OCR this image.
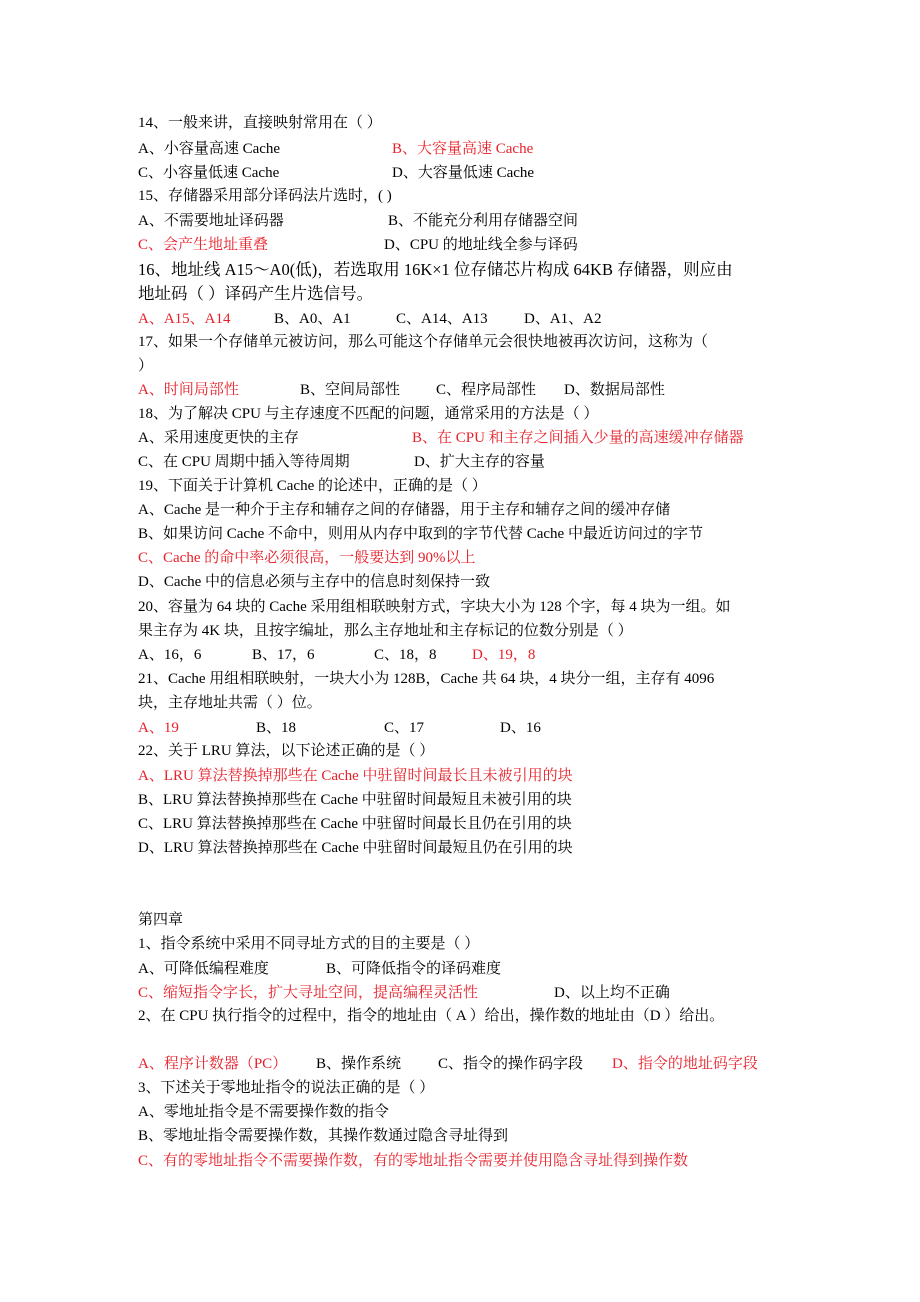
14、一般来讲，直接映射常用在（ ）
A、小容量高速 Cache	B、大容量高速 Cache
C、小容量低速 Cache	D、大容量低速 Cache
15、存储器采用部分译码法片选时，( )
A、不需要地址译码器	B、不能充分利用存储器空间
C、会产生地址重叠	D、CPU 的地址线全参与译码
16、地址线 A15～A0(低)，若选取用 16K×1 位存储芯片构成 64KB 存储器，则应由
地址码（ ）译码产生片选信号。
A、A15、A14	B、A0、A1	C、A14、A13 D、A1、A2
17、如果一个存储单元被访问，那么可能这个存储单元会很快地被再次访问，这称为（
）
A、时间局部性	B、空间局部性 C、程序局部性 D、数据局部性
18、为了解决 CPU 与主存速度不匹配的问题，通常采用的方法是（ ）
A、采用速度更快的主存	B、在 CPU 和主存之间插入少量的高速缓冲存储器
C、在 CPU 周期中插入等待周期	D、扩大主存的容量
19、下面关于计算机 Cache 的论述中，正确的是（ ）
A、Cache 是一种介于主存和辅存之间的存储器，用于主存和辅存之间的缓冲存储
B、如果访问 Cache 不命中，则用从内存中取到的字节代替 Cache 中最近访问过的字节
C、Cache 的命中率必须很高，一般要达到 90%以上
D、Cache 中的信息必须与主存中的信息时刻保持一致
20、容量为 64 块的 Cache 采用组相联映射方式，字块大小为 128 个字，每 4 块为一组。如
果主存为 4K 块，且按字编址，那么主存地址和主存标记的位数分别是（ ）
A、16，6	B、17，6	C、18，8 D、19，8
21、Cache 用组相联映射，一块大小为 128B，Cache 共 64 块，4 块分一组，主存有 4096
块，主存地址共需（ ）位。
A、19	B、18	C、17	D、16
22、关于 LRU 算法，以下论述正确的是（ ）
A、LRU 算法替换掉那些在 Cache 中驻留时间最长且未被引用的块
B、LRU 算法替换掉那些在 Cache 中驻留时间最短且未被引用的块
C、LRU 算法替换掉那些在 Cache 中驻留时间最长且仍在引用的块
D、LRU 算法替换掉那些在 Cache 中驻留时间最短且仍在引用的块
第四章
1、指令系统中采用不同寻址方式的目的主要是（ ）
A、可降低编程难度	B、可降低指令的译码难度
C、缩短指令字长，扩大寻址空间，提高编程灵活性	D、以上均不正确
2、在 CPU 执行指令的过程中，指令的地址由（ A ）给出，操作数的地址由（D ）给出。
A、程序计数器（PC） B、操作系统 C、指令的操作码字段 D、指令的地址码字段
3、下述关于零地址指令的说法正确的是（ ）
A、零地址指令是不需要操作数的指令
B、零地址指令需要操作数，其操作数通过隐含寻址得到
C、有的零地址指令不需要操作数，有的零地址指令需要并使用隐含寻址得到操作数
